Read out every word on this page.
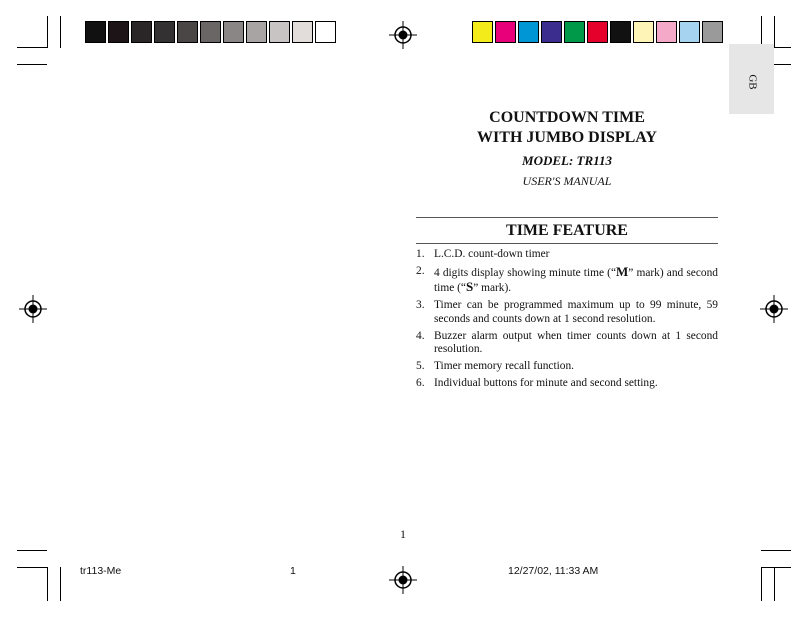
GB
COUNTDOWN TIME
WITH JUMBO DISPLAY
MODEL: TR113
USER'S MANUAL
TIME FEATURE
1. L.C.D. count-down timer
2. 4 digits display showing minute time (“M” mark) and second time (“S” mark).
3. Timer can be programmed maximum up to 99 minute, 59 seconds and counts down at 1 second resolution.
4. Buzzer alarm output when timer counts down at 1 second resolution.
5. Timer memory recall function.
6. Individual buttons for minute and second setting.
1
tr113-Me	1	12/27/02, 11:33 AM
